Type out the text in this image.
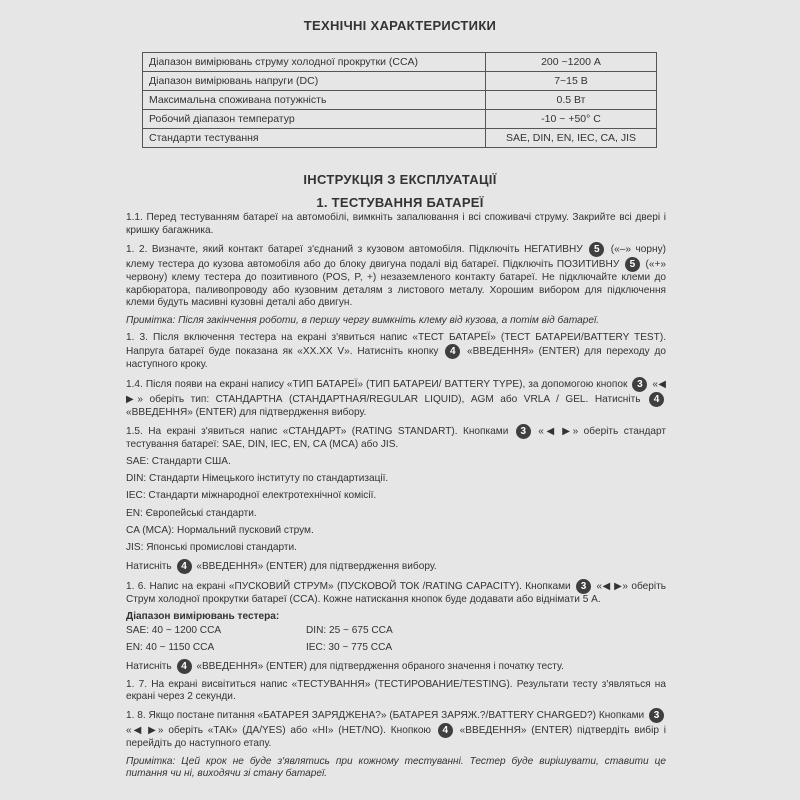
ТЕХНІЧНІ ХАРАКТЕРИСТИКИ
Діапазон вимірювань струму холодної прокрутки (CCA)	200 ~1200 А
Діапазон вимірювань напруги (DC)	7~15 В
Максимальна споживана потужність	0.5 Вт
Робочий діапазон температур	-10 ~ +50° С
Стандарти тестування	SAE, DIN, EN, IEC, CA, JIS
ІНСТРУКЦІЯ З ЕКСПЛУАТАЦІЇ
1. ТЕСТУВАННЯ БАТАРЕЇ

1.1. Перед тестуванням батареї на автомобілі, вимкніть запалювання і всі споживачі струму. Закрийте всі двері і кришку багажника.

1. 2. Визначте, який контакт батареї з'єднаний з кузовом автомобіля. Підключіть НЕГАТИВНУ 5 («–» чорну) клему тестера до кузова автомобіля або до блоку двигуна подалі від батареї. Підключіть ПОЗИТИВНУ 5 («+» червону) клему тестера до позитивного (POS, P, +) незаземленого контакту батареї. Не підключайте клеми до карбюратора, паливопроводу або кузовним деталям з листового металу. Хорошим вибором для підключення клеми будуть масивні кузовні деталі або двигун.

Примітка: Після закінчення роботи, в першу чергу вимкніть клему від кузова, а потім від батареї.

1. 3. Після включення тестера на екрані з'явиться напис «ТЕСТ БАТАРЕЇ» (ТЕСТ БАТАРЕИ/BATTERY TEST). Напруга батареї буде показана як «XX.XX V». Натисніть кнопку 4 «ВВЕДЕННЯ» (ENTER) для переходу до наступного кроку.

1.4. Після появи на екрані напису «ТИП БАТАРЕЇ» (ТИП БАТАРЕИ/ BATTERY TYPE), за допомогою кнопок 3 «◀ ▶» оберіть тип: СТАНДАРТНА (СТАНДАРТНАЯ/REGULAR LIQUID), AGM або VRLA / GEL. Натисніть 4 «ВВЕДЕННЯ» (ENTER) для підтвердження вибору.

1.5. На екрані з'явиться напис «СТАНДАРТ» (RATING STANDART). Кнопками 3 «◀ ▶» оберіть стандарт тестування батареї: SAE, DIN, IEC, EN, CA (MCA) або JIS.

SAE: Стандарти США.

DIN: Стандарти Німецького інституту по стандартизації.

IEC: Стандарти міжнародної електротехнічної комісії.

EN: Європейські стандарти.

CA (MCA): Нормальний пусковий струм.

JIS: Японські промислові стандарти.

Натисніть 4 «ВВЕДЕННЯ» (ENTER) для підтвердження вибору.

1. 6. Напис на екрані «ПУСКОВИЙ СТРУМ» (ПУСКОВОЙ ТОК /RATING CAPACITY). Кнопками 3 «◀ ▶» оберіть Струм холодної прокрутки батареї (CCA). Кожне натискання кнопок буде додавати або віднімати 5 А.

Діапазон вимірювань тестера:

SAE: 40 ~ 1200 CCA	DIN: 25 ~ 675 CCA
EN: 40 ~ 1150 CCA	IEC: 30 ~ 775 CCA

Натисніть 4 «ВВЕДЕННЯ» (ENTER) для підтвердження обраного значення і початку тесту.

1. 7. На екрані висвітиться напис «ТЕСТУВАННЯ» (ТЕСТИРОВАНИЕ/TESTING). Результати тесту з'являться на екрані через 2 секунди.

1. 8. Якщо постане питання «БАТАРЕЯ ЗАРЯДЖЕНА?» (БАТАРЕЯ ЗАРЯЖ.?/BATTERY CHARGED?) Кнопками 3 «◀ ▶» оберіть «ТАК» (ДА/YES) або «НІ» (НЕТ/NO). Кнопкою 4 «ВВЕДЕННЯ» (ENTER) підтвердіть вибір і перейдіть до наступного етапу.

Примітка: Цей крок не буде з'являтись при кожному тестуванні. Тестер буде вирішувати, ставити це питання чи ні, виходячи зі стану батареї.
